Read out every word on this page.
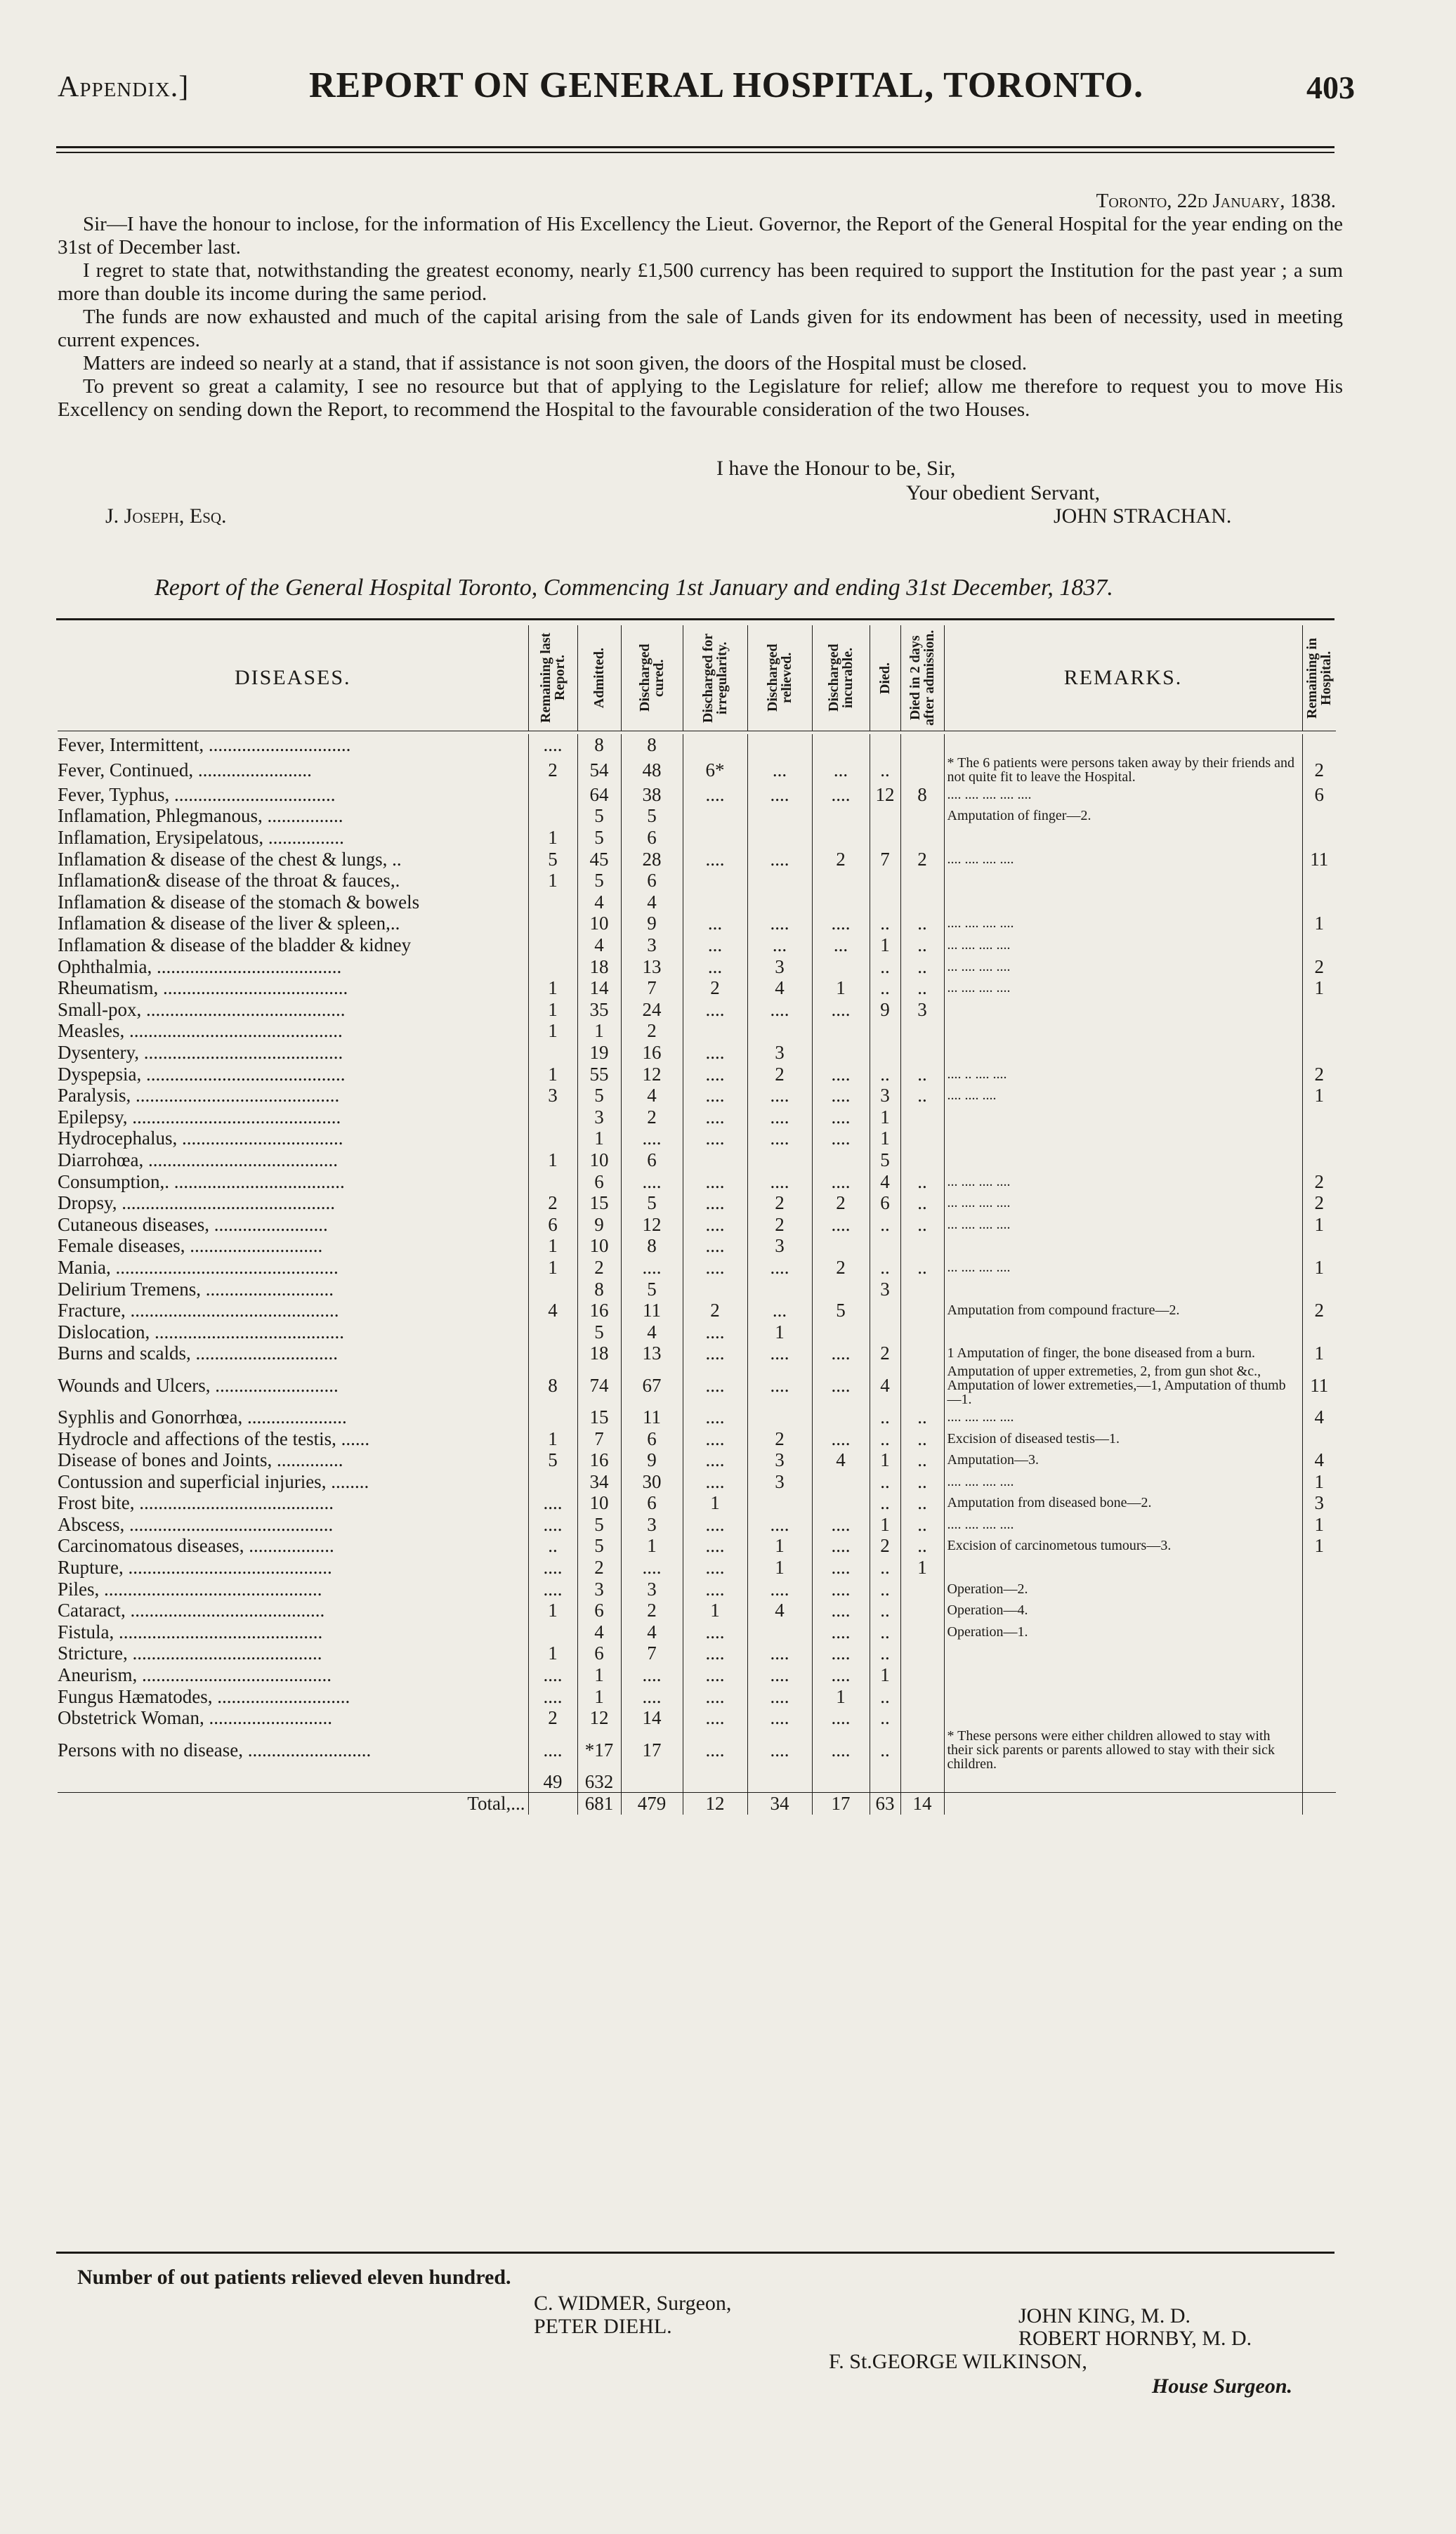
Appendix.]	REPORT ON GENERAL HOSPITAL, TORONTO.	403
Toronto, 22d January, 1838.

Sir—I have the honour to inclose, for the information of His Excellency the Lieut. Governor, the Report of the General Hospital for the year ending on the 31st of December last.

I regret to state that, notwithstanding the greatest economy, nearly £1,500 currency has been required to support the Institution for the past year ; a sum more than double its income during the same period.

The funds are now exhausted and much of the capital arising from the sale of Lands given for its endowment has been of necessity, used in meeting current expences.

Matters are indeed so nearly at a stand, that if assistance is not soon given, the doors of the Hospital must be closed.

To prevent so great a calamity, I see no resource but that of applying to the Legislature for relief; allow me therefore to request you to move His Excellency on sending down the Report, to recommend the Hospital to the favourable consideration of the two Houses.

I have the Honour to be, Sir,
Your obedient Servant,
JOHN STRACHAN.
J. Joseph, Esq.
Report of the General Hospital Toronto, Commencing 1st January and ending 31st December, 1837.
DISEASES.	Remaining last Report.	Admitted.	Discharged cured.	Discharged for irregularity.	Discharged relieved.	Discharged incurable.	Died.	Died in 2 days after admission.	REMARKS.	Remaining in Hospital.

Fever, Intermittent, ..............................	....	8	8							
Fever, Continued, ........................	2	54	48	6*	...	...	..		* The 6 patients were persons taken away by their friends and not quite fit to leave the Hospital.	2
Fever, Typhus, ..................................		64	38	....	....	....	12	8	.... .... .... .... ....	6
Inflamation, Phlegmanous, ................		5	5						Amputation of finger—2.	
Inflamation, Erysipelatous, ................	1	5	6							
Inflamation & disease of the chest & lungs, ..	5	45	28	....	....	2	7	2	.... .... .... ....	11
Inflamation& disease of the throat & fauces,.	1	5	6							
Inflamation & disease of the stomach & bowels		4	4							
Inflamation & disease of the liver & spleen,..		10	9	...	....	....	..	..	.... .... .... ....	1
Inflamation & disease of the bladder & kidney		4	3	...	...	...	1	..	... .... .... ....	
Ophthalmia, .......................................		18	13	...	3		..	..	... .... .... ....	2
Rheumatism, .......................................	1	14	7	2	4	1	..	..	... .... .... ....	1
Small-pox, ..........................................	1	35	24	....	....	....	9	3		
Measles, .............................................	1	1	2							
Dysentery, ..........................................		19	16	....	3					
Dyspepsia, ..........................................	1	55	12	....	2	....	..	..	.... .. .... ....	2
Paralysis, ...........................................	3	5	4	....	....	....	3	..	.... .... ....	1
Epilepsy, ............................................		3	2	....	....	....	1			
Hydrocephalus, ..................................		1	....	....	....	....	1			
Diarrohœa, ........................................	1	10	6				5			
Consumption,. ....................................		6	....	....	....	....	4	..	... .... .... ....	2
Dropsy, .............................................	2	15	5	....	2	2	6	..	... .... .... ....	2
Cutaneous diseases, ........................	6	9	12	....	2	....	..	..	... .... .... ....	1
Female diseases, ............................	1	10	8	....	3					
Mania, ...............................................	1	2	....	....	....	2	..	..	... .... .... ....	1
Delirium Tremens, ...........................		8	5				3			
Fracture, ............................................	4	16	11	2	...	5			Amputation from compound fracture—2.	2
Dislocation, ........................................		5	4	....	1					
Burns and scalds, ..............................		18	13	....	....	....	2		1 Amputation of finger, the bone diseased from a burn.	1
Wounds and Ulcers, ..........................	8	74	67	....	....	....	4		Amputation of upper extremeties, 2, from gun shot &c., Amputation of lower extremeties,—1, Amputation of thumb—1.	11
Syphlis and Gonorrhœa, .....................		15	11	....			..	..	.... .... .... ....	4
Hydrocle and affections of the testis, ......	1	7	6	....	2	....	..	..	Excision of diseased testis—1.	
Disease of bones and Joints, ..............	5	16	9	....	3	4	1	..	Amputation—3.	4
Contussion and superficial injuries, ........		34	30	....	3		..	..	.... .... .... ....	1
Frost bite, .........................................	....	10	6	1			..	..	Amputation from diseased bone—2.	3
Abscess, ...........................................	....	5	3	....	....	....	1	..	.... .... .... ....	1
Carcinomatous diseases, ..................	..	5	1	....	1	....	2	..	Excision of carcinometous tumours—3.	1
Rupture, ...........................................	....	2	....	....	1	....	..	1		
Piles, ..............................................	....	3	3	....	....	....	..		Operation—2.	
Cataract, .........................................	1	6	2	1	4	....	..		Operation—4.	
Fistula, ...........................................		4	4	....		....	..		Operation—1.	
Stricture, ........................................	1	6	7	....	....	....	..			
Aneurism, ........................................	....	1	....	....	....	....	1			
Fungus Hæmatodes, ............................	....	1	....	....	....	1	..			
Obstetrick Woman, ..........................	2	12	14	....	....	....	..			
Persons with no disease, ..........................	....	*17	17	....	....	....	..		* These persons were either children allowed to stay with their sick parents or parents allowed to stay with their sick children.	
	49	632								
Total,...		681	479	12	34	17	63	14		
Number of out patients relieved eleven hundred.
C. WIDMER, Surgeon,
PETER DIEHL.	JOHN KING, M. D.
ROBERT HORNBY, M. D.
F. St.GEORGE WILKINSON,
House Surgeon.
